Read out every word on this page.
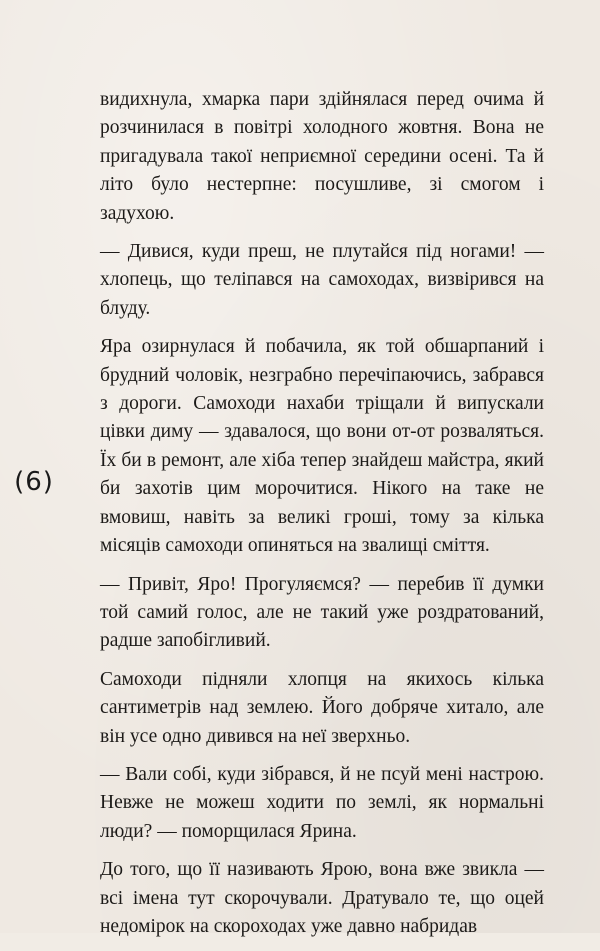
(6)

видихнула, хмарка пари здійнялася перед очима й розчинилася в повітрі холодного жовтня. Вона не пригадувала такої неприємної середини осені. Та й літо було нестерпне: посушливе, зі смогом і задухою.

— Дивися, куди преш, не плутайся під ногами! — хлопець, що теліпався на самоходах, визвірився на блуду.

Яра озирнулася й побачила, як той обшарпаний і брудний чоловік, незграбно перечіпаючись, забрався з дороги. Самоходи нахаби тріщали й випускали цівки диму — здавалося, що вони от-от розваляться. Їх би в ремонт, але хіба тепер знайдеш майстра, який би захотів цим морочитися. Нікого на таке не вмовиш, навіть за великі гроші, тому за кілька місяців самоходи опиняться на звалищі сміття.

— Привіт, Яро! Прогуляємся? — перебив її думки той самий голос, але не такий уже роздратований, радше запобігливий.

Самоходи підняли хлопця на якихось кілька сантиметрів над землею. Його добряче хитало, але він усе одно дивився на неї зверхньо.

— Вали собі, куди зібрався, й не псуй мені настрою. Невже не можеш ходити по землі, як нормальні люди? — поморщилася Ярина.

До того, що її називають Ярою, вона вже звикла — всі імена тут скорочували. Дратувало те, що оцей недомірок на скороходах уже давно набридав
